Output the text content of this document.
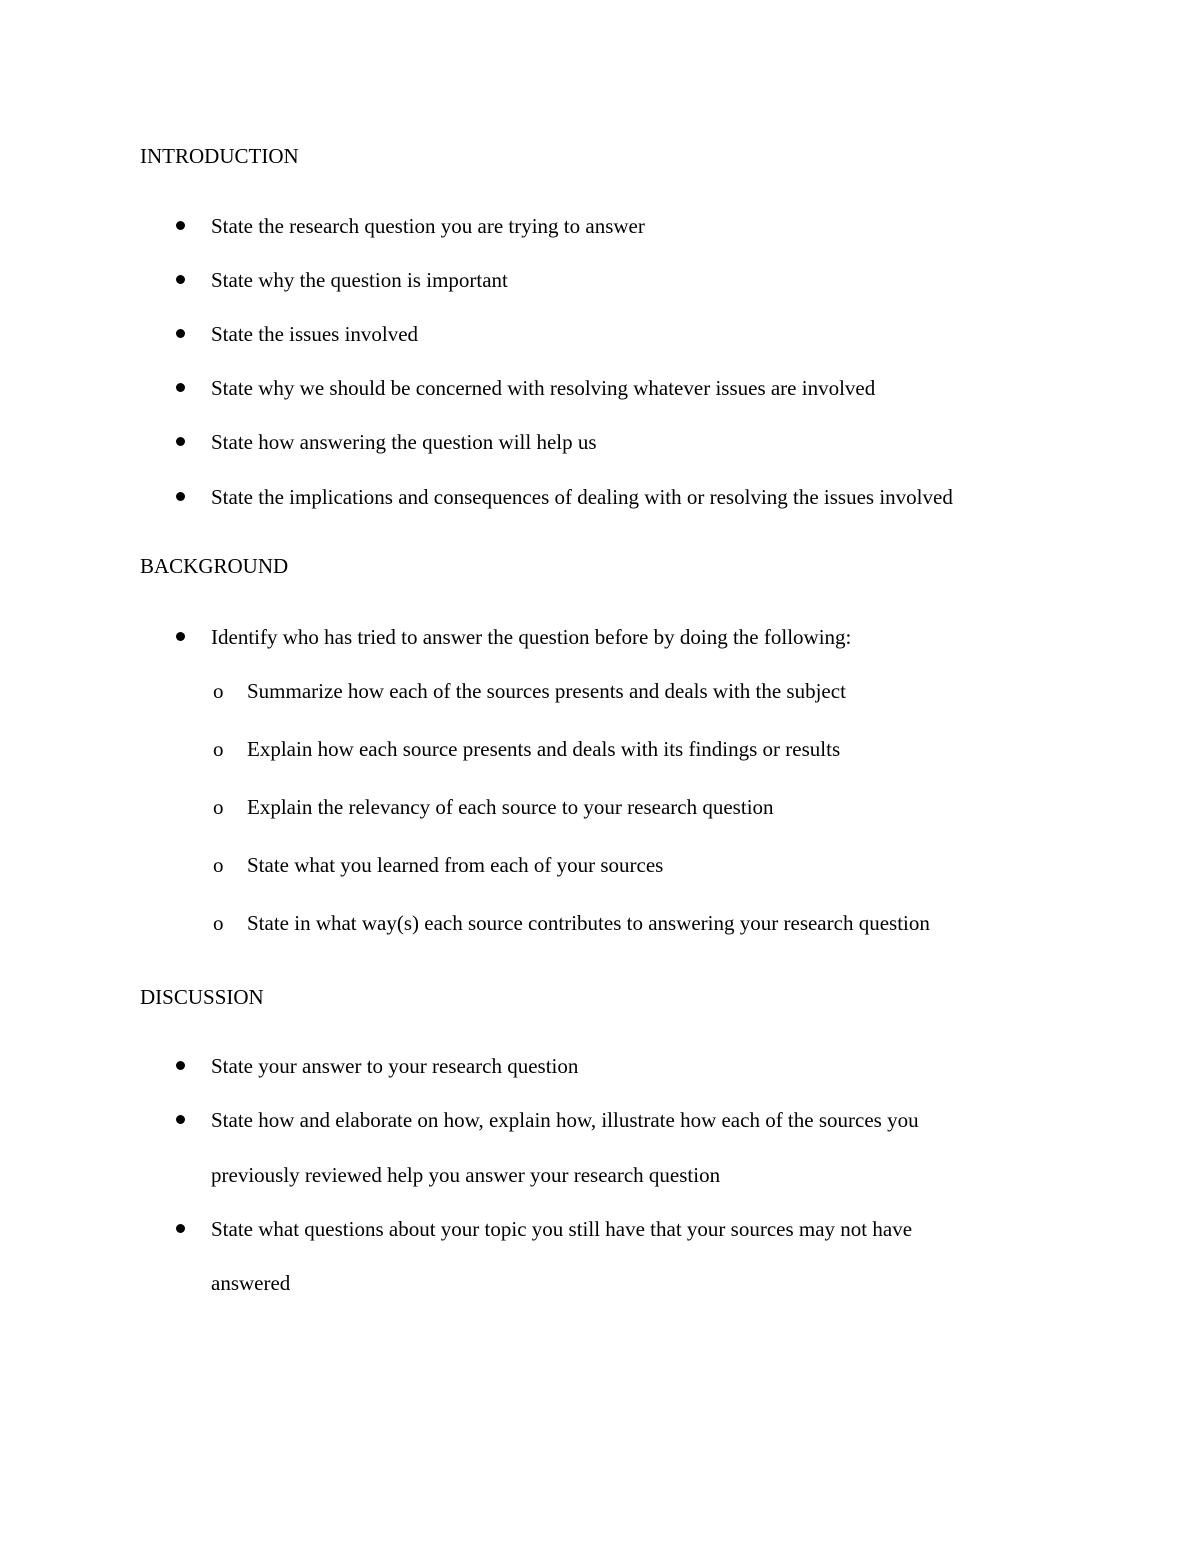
INTRODUCTION
State the research question you are trying to answer
State why the question is important
State the issues involved
State why we should be concerned with resolving whatever issues are involved
State how answering the question will help us
State the implications and consequences of dealing with or resolving the issues involved
BACKGROUND
Identify who has tried to answer the question before by doing the following:
o Summarize how each of the sources presents and deals with the subject
o Explain how each source presents and deals with its findings or results
o Explain the relevancy of each source to your research question
o State what you learned from each of your sources
o State in what way(s) each source contributes to answering your research question
DISCUSSION
State your answer to your research question
State how and elaborate on how, explain how, illustrate how each of the sources you
previously reviewed help you answer your research question
State what questions about your topic you still have that your sources may not have
answered
